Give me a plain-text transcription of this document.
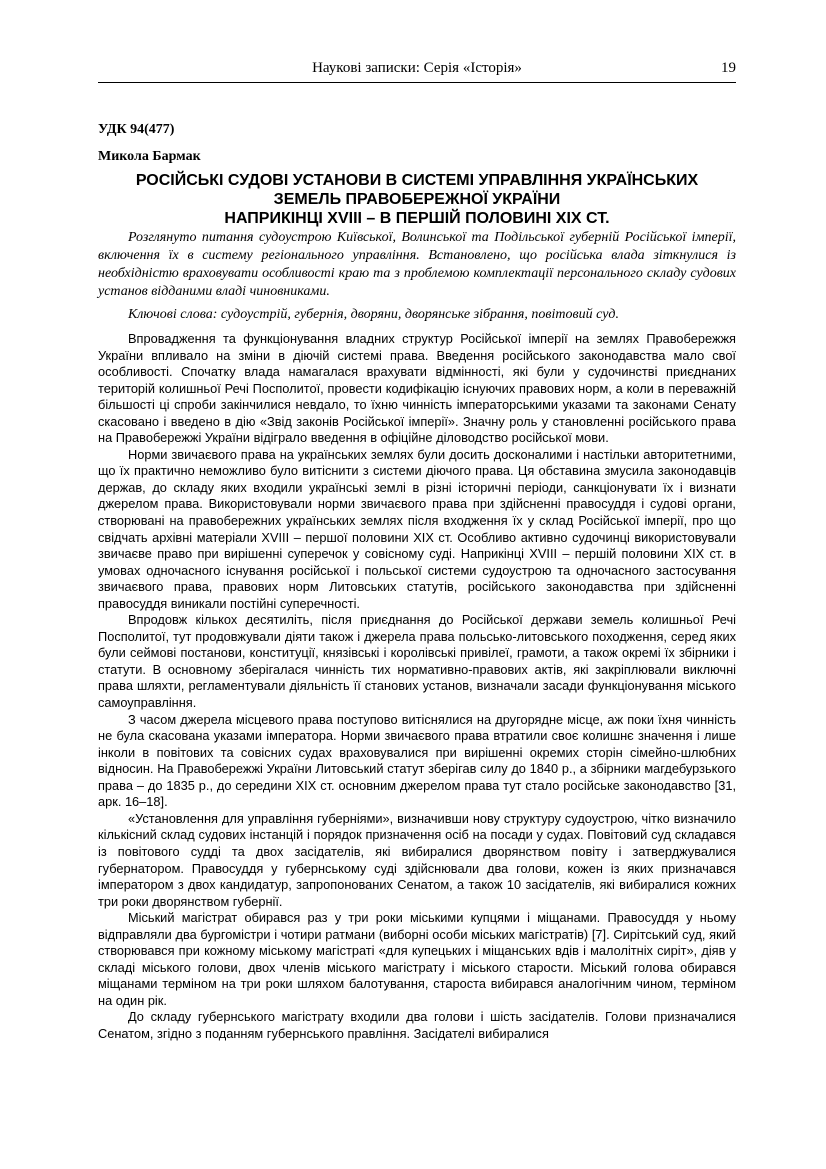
Наукові записки: Серія «Історія»	19
УДК 94(477)
Микола Бармак
РОСІЙСЬКІ СУДОВІ УСТАНОВИ В СИСТЕМІ УПРАВЛІННЯ УКРАЇНСЬКИХ
ЗЕМЕЛЬ ПРАВОБЕРЕЖНОЇ УКРАЇНИ
НАПРИКІНЦІ XVIII – В ПЕРШІЙ ПОЛОВИНІ XIX СТ.

Розглянуто питання судоустрою Київської, Волинської та Подільської губерній Російської імперії, включення їх в систему регіонального управління. Встановлено, що російська влада зіткнулися із необхідністю враховувати особливості краю та з проблемою комплектації персонального складу судових установ відданими владі чиновниками.

Ключові слова: судоустрій, губернія, дворяни, дворянське зібрання, повітовий суд.

Впровадження та функціонування владних структур Російської імперії на землях Правобережжя України впливало на зміни в діючій системі права. Введення російського законодавства мало свої особливості. Спочатку влада намагалася врахувати відмінності, які були у судочинстві приєднаних територій колишньої Речі Посполитої, провести кодифікацію існуючих правових норм, а коли в переважній більшості ці спроби закінчилися невдало, то їхню чинність імператорськими указами та законами Сенату скасовано і введено в дію «Звід законів Російської імперії». Значну роль у становленні російського права на Правобережжі України відіграло введення в офіційне діловодство російської мови.

Норми звичаєвого права на українських землях були досить досконалими і настільки авторитетними, що їх практично неможливо було витіснити з системи діючого права. Ця обставина змусила законодавців держав, до складу яких входили українські землі в різні історичні періоди, санкціонувати їх і визнати джерелом права. Використовували норми звичаєвого права при здійсненні правосуддя і судові органи, створювані на правобережних українських землях після входження їх у склад Російської імперії, про що свідчать архівні матеріали XVIII – першої половини XIX ст. Особливо активно судочинці використовували звичаєве право при вирішенні суперечок у совісному суді. Наприкінці XVIII – першій половини XIX ст. в умовах одночасного існування російської і польської системи судоустрою та одночасного застосування звичаєвого права, правових норм Литовських статутів, російського законодавства при здійсненні правосуддя виникали постійні суперечності.

Впродовж кількох десятиліть, після приєднання до Російської держави земель колишньої Речі Посполитої, тут продовжували діяти також і джерела права польсько-литовського походження, серед яких були сеймові постанови, конституції, князівські і королівські привілеї, грамоти, а також окремі їх збірники і статути. В основному зберігалася чинність тих нормативно-правових актів, які закріплювали виключні права шляхти, регламентували діяльність її станових установ, визначали засади функціонування міського самоуправління.

З часом джерела місцевого права поступово витіснялися на другорядне місце, аж поки їхня чинність не була скасована указами імператора. Норми звичаєвого права втратили своє колишнє значення і лише інколи в повітових та совісних судах враховувалися при вирішенні окремих сторін сімейно-шлюбних відносин. На Правобережжі України Литовський статут зберігав силу до 1840 р., а збірники магдебурзького права – до 1835 р., до середини XIX ст. основним джерелом права тут стало російське законодавство [31, арк. 16–18].

«Установлення для управління губерніями», визначивши нову структуру судоустрою, чітко визначило кількісний склад судових інстанцій і порядок призначення осіб на посади у судах. Повітовий суд складався із повітового судді та двох засідателів, які вибиралися дворянством повіту і затверджувалися губернатором. Правосуддя у губернському суді здійснювали два голови, кожен із яких призначався імператором з двох кандидатур, запропонованих Сенатом, а також 10 засідателів, які вибиралися кожних три роки дворянством губернії.

Міський магістрат обирався раз у три роки міськими купцями і міщанами. Правосуддя у ньому відправляли два бургомістри і чотири ратмани (виборні особи міських магістратів) [7]. Сирітський суд, який створювався при кожному міському магістраті «для купецьких і міщанських вдів і малолітніх сиріт», діяв у складі міського голови, двох членів міського магістрату і міського старости. Міський голова обирався міщанами терміном на три роки шляхом балотування, староста вибирався аналогічним чином, терміном на один рік.

До складу губернського магістрату входили два голови і шість засідателів. Голови призначалися Сенатом, згідно з поданням губернського правління. Засідателі вибиралися
